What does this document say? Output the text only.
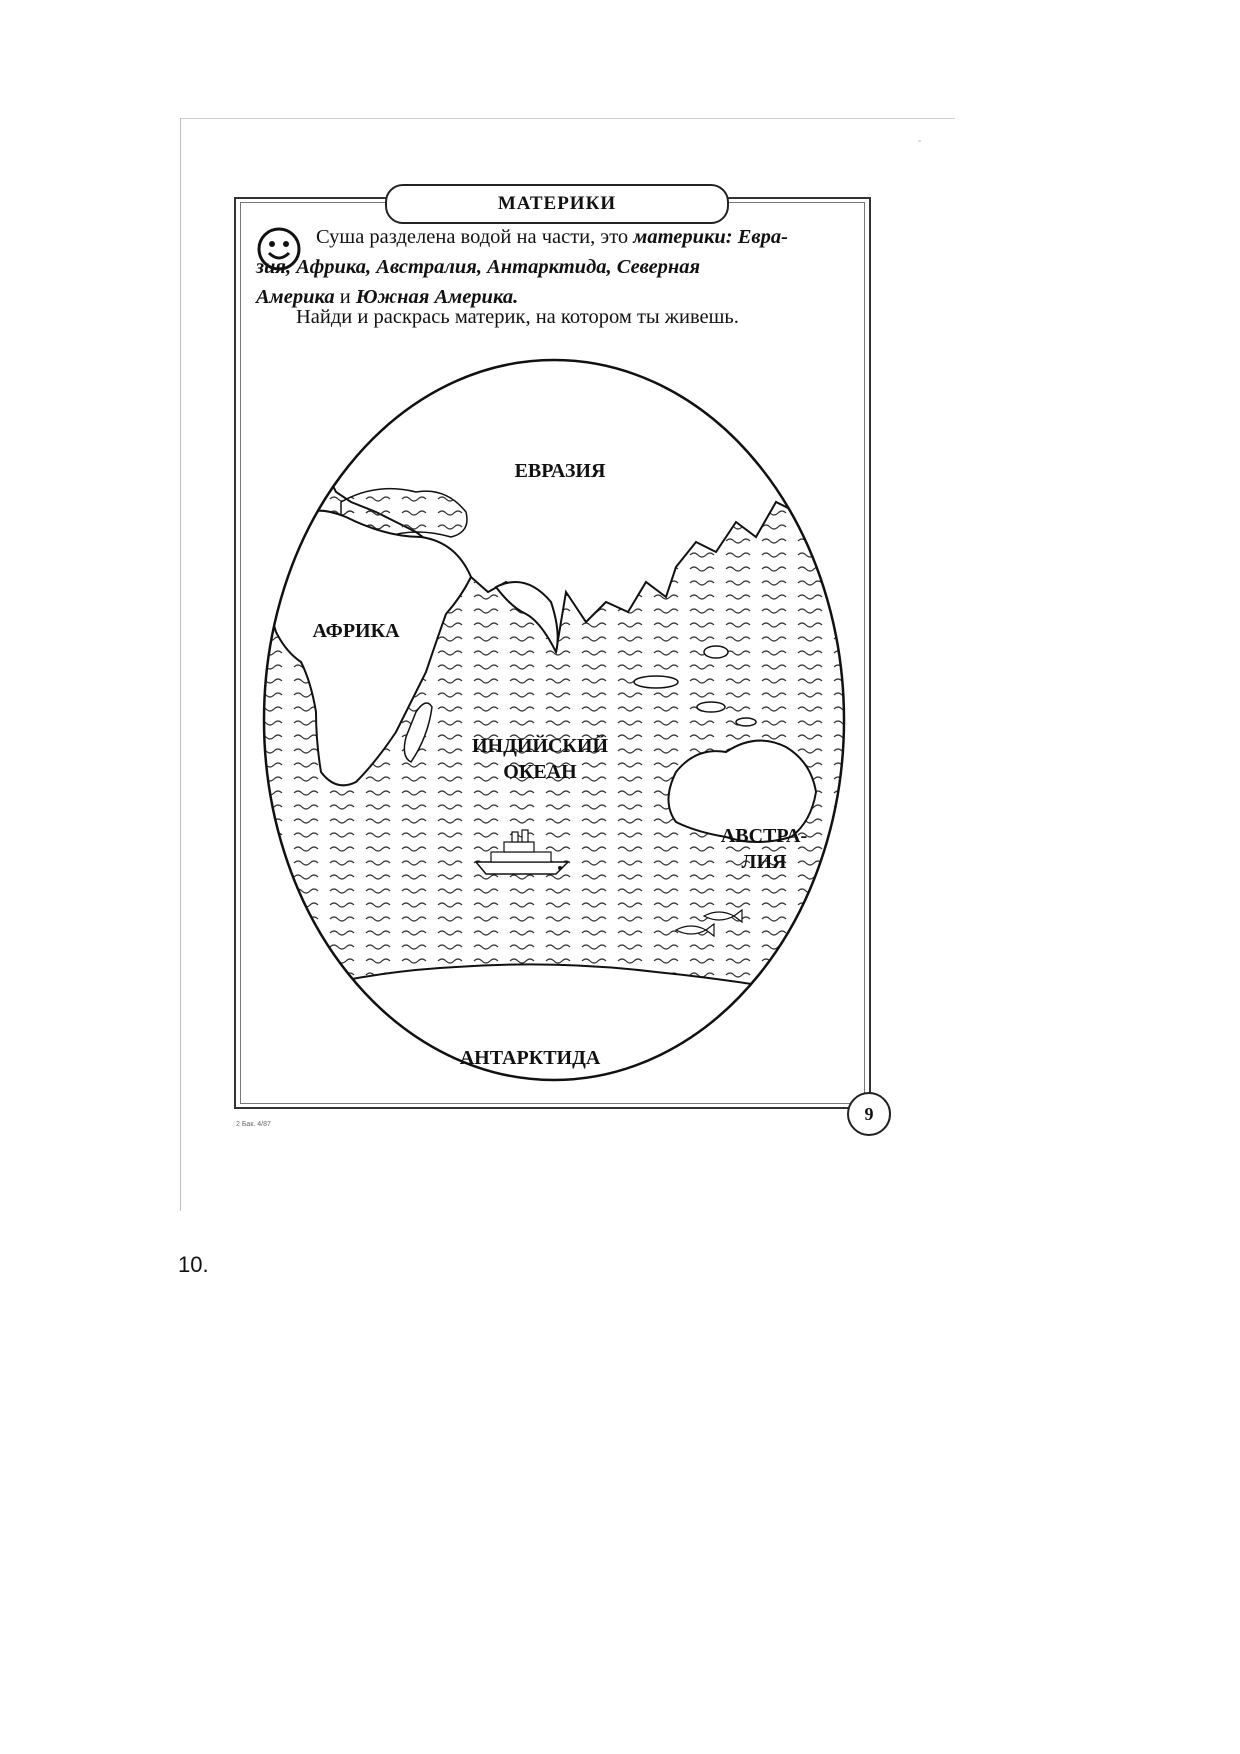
МАТЕРИКИ
Суша разделена водой на части, это материки: Евра-
зия, Африка, Австралия, Антарктида, Северная
Америка и Южная Америка.
Найди и раскрась материк, на котором ты живешь.
ЕВРАЗИЯ
АФРИКА
ИНДИЙСКИЙ
ОКЕАН
АВСТРА-
ЛИЯ
АНТАРКТИДА
9
2 Бак. 4/87
10.
